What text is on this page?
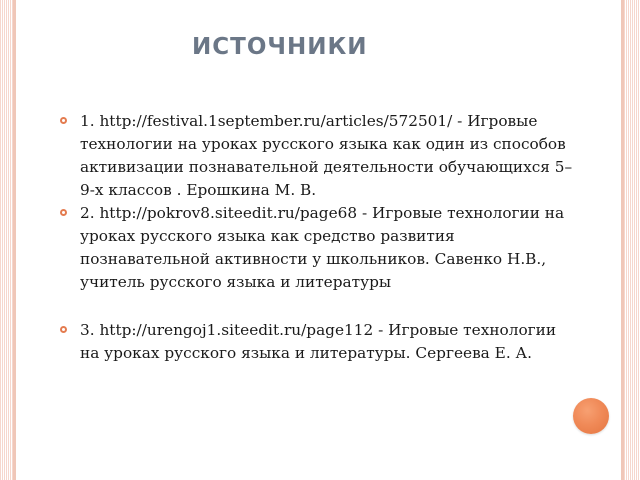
ИСТОЧНИКИ
1. http://festival.1september.ru/articles/572501/ - Игровые технологии на уроках русского языка как один из способов активизации познавательной деятельности обучающихся 5–9-х классов . Ерошкина М. В.
2. http://pokrov8.siteedit.ru/page68 - Игровые технологии на уроках русского языка как средство развития познавательной активности у школьников. Савенко Н.В., учитель русского языка и литературы
3. http://urengoj1.siteedit.ru/page112 - Игровые технологии на уроках русского языка и литературы. Сергеева Е. А.
